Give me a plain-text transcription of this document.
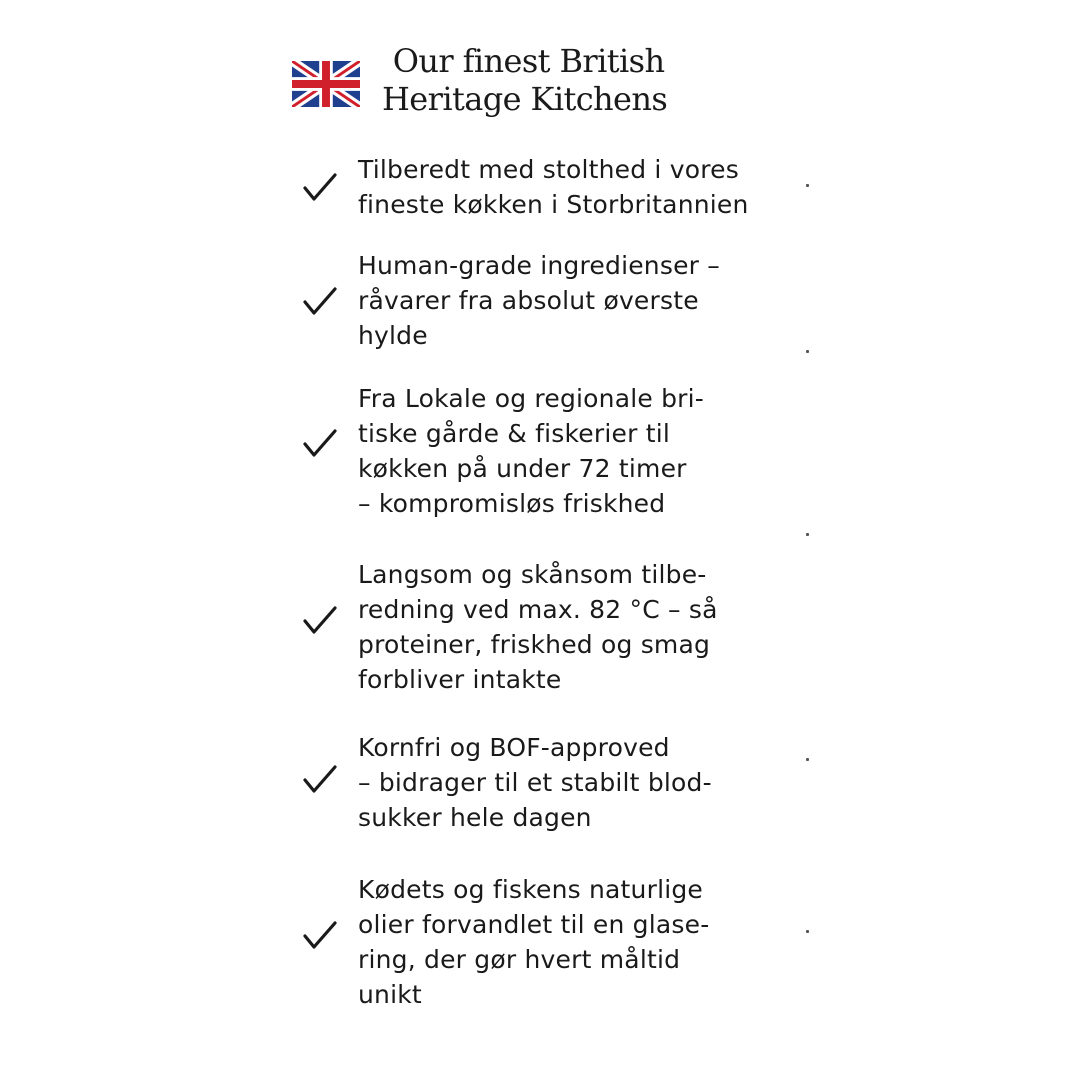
Our finest British
Heritage Kitchens

Tilberedt med stolthed i vores
fineste køkken i Storbritannien

Human-grade ingredienser –
råvarer fra absolut øverste
hylde

Fra Lokale og regionale bri-
tiske gårde & fiskerier til
køkken på under 72 timer
– kompromisløs friskhed

Langsom og skånsom tilbe-
redning ved max. 82 °C – så
proteiner, friskhed og smag
forbliver intakte

Kornfri og BOF-approved
– bidrager til et stabilt blod-
sukker hele dagen

Kødets og fiskens naturlige
olier forvandlet til en glase-
ring, der gør hvert måltid
unikt
